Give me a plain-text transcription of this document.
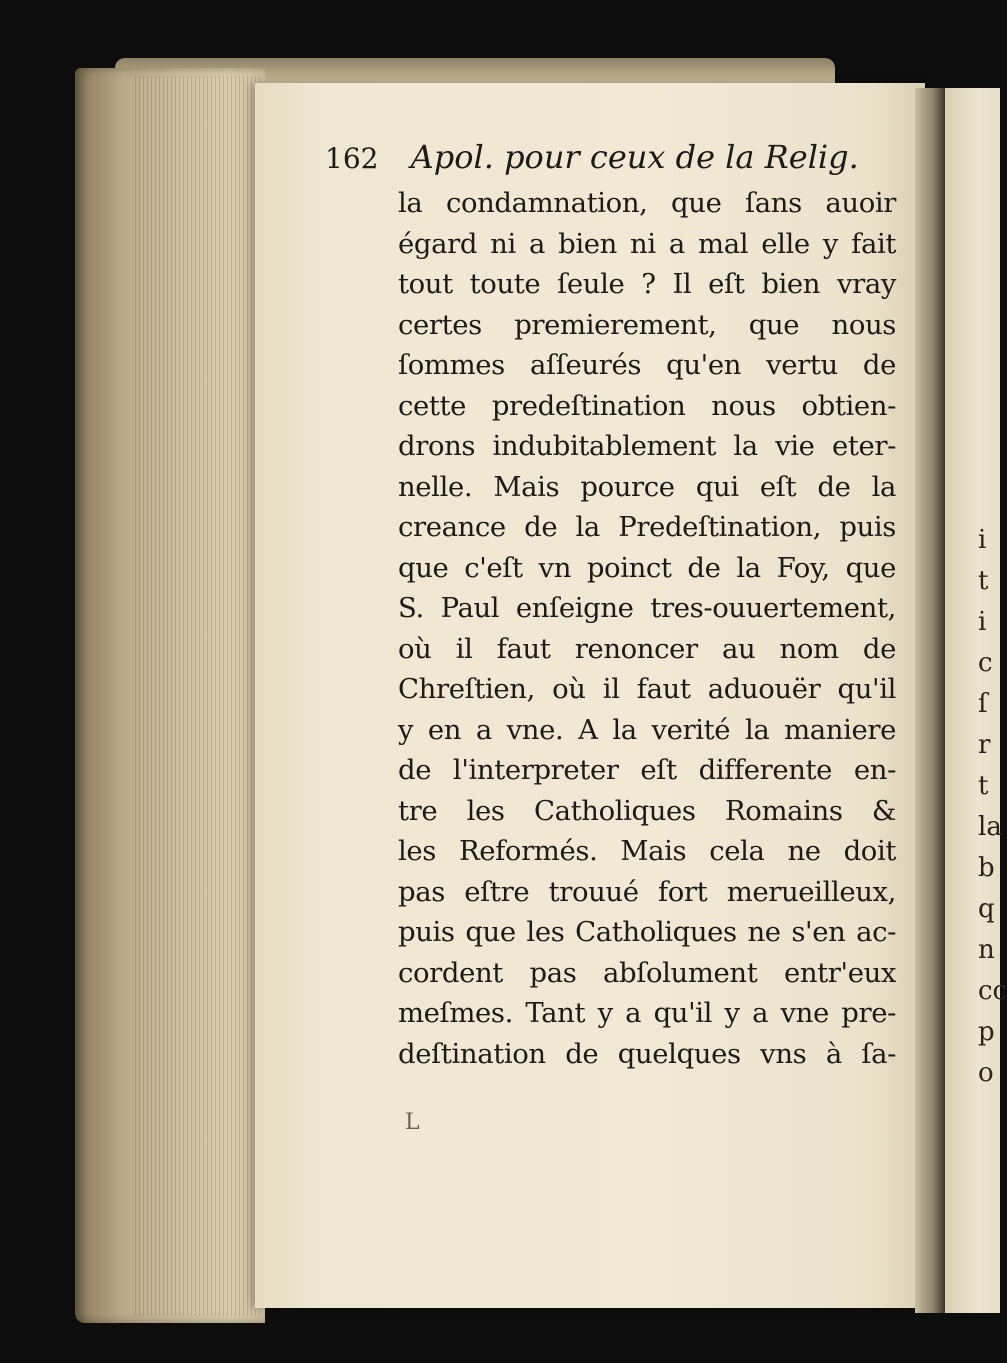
162 Apol. pour ceux de la Relig.
la condamnation, que ſans auoir
égard ni a bien ni a mal elle y fait
tout toute ſeule ? Il eſt bien vray
certes premierement, que nous
ſommes aſſeurés qu'en vertu de
cette predeſtination nous obtien-
drons indubitablement la vie eter-
nelle. Mais pource qui eſt de la
creance de la Predeſtination, puis
que c'eſt vn poinct de la Foy, que
S. Paul enſeigne tres-ouuertement,
où il faut renoncer au nom de
Chreſtien, où il faut aduouër qu'il
y en a vne. A la verité la maniere
de l'interpreter eſt differente en-
tre les Catholiques Romains &
les Reformés. Mais cela ne doit
pas eſtre trouué fort merueilleux,
puis que les Catholiques ne s'en ac-
cordent pas abſolument entr'eux
meſmes. Tant y a qu'il y a vne pre-
deſtination de quelques vns à ſa-
L
i
t
i
c
ſ
r
t
la
b
q
n
cc
p
o
